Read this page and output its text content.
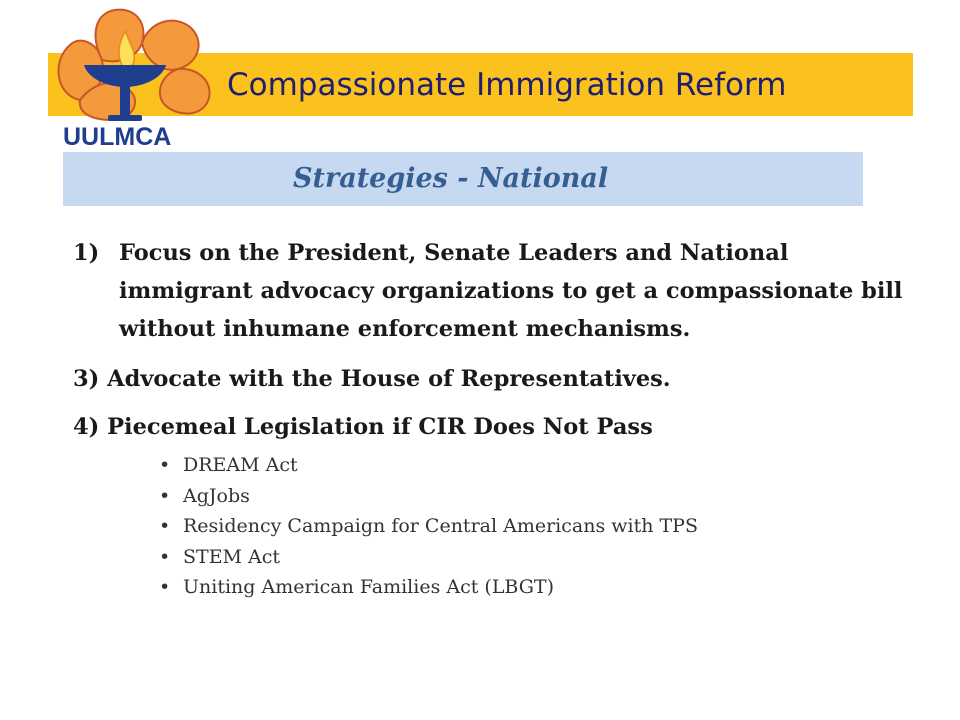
Compassionate Immigration Reform
UULMCA
Strategies - National
1) Focus on the President, Senate Leaders and National immigrant advocacy organizations to get a compassionate bill without inhumane enforcement mechanisms.
3) Advocate with the House of Representatives.
4) Piecemeal Legislation if CIR Does Not Pass
• DREAM Act
• AgJobs
• Residency Campaign for Central Americans with TPS
• STEM Act
• Uniting American Families Act (LBGT)
